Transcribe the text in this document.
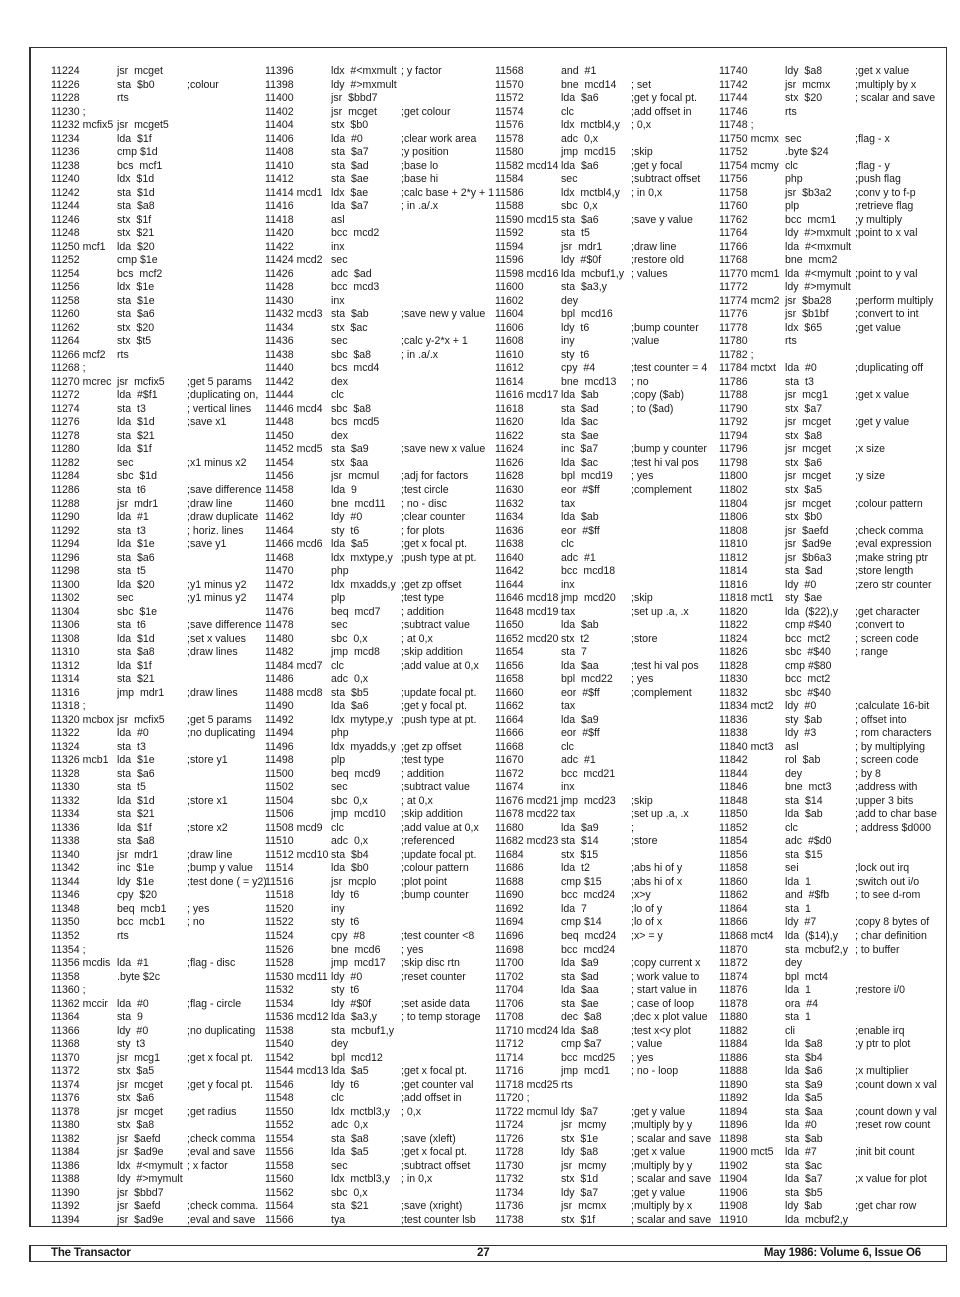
11224	jsr  mcget
11226	sta  $b0	;colour
11228	rts
11230 ;
11232 mcfix5 jsr  mcget5
11234	lda  $1f
11236	cmp $1d
11238	bcs  mcf1
11240	ldx  $1d
11242	sta  $1d
11244	sta  $a8
11246	stx  $1f
11248	stx  $21
11250 mcf1 lda  $20
11252	cmp $1e
11254	bcs  mcf2
11256	ldx  $1e
11258	sta  $1e
11260	sta  $a6
11262	stx  $20
11264	stx  $t5
11266 mcf2 rts
11268 ;
11270 mcrec jsr  mcfix5 ;get 5 params
11272	lda  #$f1	;duplicating on,
11274	sta  t3	; vertical lines
11276	lda  $1d	;save x1
11278	sta  $21
11280	lda  $1f
11282	sec	;x1 minus x2
11284	sbc  $1d
11286	sta  t6	;save difference
11288	jsr  mdr1	;draw line
11290	lda  #1	;draw duplicate
11292	sta  t3	; horiz. lines
11294	lda  $1e	;save y1
11296	sta  $a6
11298	sta  t5
11300	lda  $20	;y1 minus y2
11302	sec	;y1 minus y2
11304	sbc  $1e
11306	sta  t6	;save difference
11308	lda  $1d	;set x values
11310	sta  $a8	;draw lines
11312	lda  $1f
11314	sta  $21
11316	jmp  mdr1 ;draw lines
11318 ;
11320 mcbox jsr  mcfix5 ;get 5 params
11322	lda  #0	;no duplicating
11324	sta  t3
11326 mcb1 lda  $1e	;store y1
11328	sta  $a6
11330	sta  t5
11332	lda  $1d	;store x1
11334	sta  $21
11336	lda  $1f	;store x2
11338	sta  $a8
11340	jsr  mdr1	;draw line
11342	inc  $1e	;bump y value
11344	ldy  $1e	;test done ( = y2)
11346	cpy  $20
11348	beq  mcb1 ; yes
11350	bcc  mcb1 ; no
11352	rts
11354 ;
11356 mcdis lda  #1	;flag - disc
11358	.byte $2c
11360 ;
11362 mccir lda  #0	;flag - circle
11364	sta  9
11366	ldy  #0	;no duplicating
11368	sty  t3
11370	jsr  mcg1	;get x focal pt.
11372	stx  $a5
11374	jsr  mcget ;get y focal pt.
11376	stx  $a6
11378	jsr  mcget ;get radius
11380	stx  $a8
11382	jsr  $aefd ;check comma
11384	jsr  $ad9e ;eval and save
11386	ldx  #<mymult ; x factor
11388	ldy  #>mymult
11390	jsr  $bbd7
11392	jsr  $aefd ;check comma.
11394	jsr  $ad9e ;eval and save
11396	ldx  #<mxmult ; y factor
11398	ldy  #>mxmult
11400	jsr  $bbd7
11402	jsr  mcget ;get colour
11404	stx  $b0
11406	lda  #0	;clear work area
11408	sta  $a7	;y position
11410	sta  $ad	;base lo
11412	sta  $ae	;base hi
11414 mcd1 ldx  $ae	;calc base + 2*y + 1
11416	lda  $a7	; in .a/.x
11418	asl
11420	bcc  mcd2
11422	inx
11424 mcd2 sec
11426	adc  $ad
11428	bcc  mcd3
11430	inx
11432 mcd3 sta  $ab	;save new y value
11434	stx  $ac
11436	sec	;calc y-2*x + 1
11438	sbc  $a8	; in .a/.x
11440	bcs  mcd4
11442	dex
11444	clc
11446 mcd4 sbc  $a8
11448	bcs  mcd5
11450	dex
11452 mcd5 sta  $a9	;save new x value
11454	stx  $aa
11456	jsr  mcmul ;adj for factors
11458	lda  9	;test circle
11460	bne  mcd11 ; no - disc
11462	ldy  #0	;clear counter
11464	sty  t6	; for plots
11466 mcd6 lda  $a5	;get x focal pt.
11468	ldx  mxtype,y ;push type at pt.
11470	php
11472	ldx  mxadds,y ;get zp offset
11474	plp	;test type
11476	beq  mcd7 ; addition
11478	sec	;subtract value
11480	sbc  0,x	; at 0,x
11482	jmp  mcd8 ;skip addition
11484 mcd7 clc	;add value at 0,x
11486	adc  0,x
11488 mcd8 sta  $b5	;update focal pt.
11490	lda  $a6	;get y focal pt.
11492	ldx  mytype,y ;push type at pt.
11494	php
11496	ldx  myadds,y ;get zp offset
11498	plp	;test type
11500	beq  mcd9 ; addition
11502	sec	;subtract value
11504	sbc  0,x	; at 0,x
11506	jmp  mcd10 ;skip addition
11508 mcd9 clc	;add value at 0,x
11510	adc  0,x	;referenced
11512 mcd10 sta  $b4	;update focal pt.
11514	lda  $b0	;colour pattern
11516	jsr  mcplo ;plot point
11518	ldy  t6	;bump counter
11520	iny
11522	sty  t6
11524	cpy  #8	;test counter <8
11526	bne  mcd6 ; yes
11528	jmp  mcd17 ;skip disc rtn
11530 mcd11 ldy  #0	;reset counter
11532	sty  t6
11534	ldy  #$0f	;set aside data
11536 mcd12 lda  $a3,y ; to temp storage
11538	sta  mcbuf1,y
11540	dey
11542	bpl  mcd12
11544 mcd13 lda  $a5	;get x focal pt.
11546	ldy  t6	;get counter val
11548	clc	;add offset in
11550	ldx  mctbl3,y ; 0,x
11552	adc  0,x
11554	sta  $a8	;save (xleft)
11556	lda  $a5	;get x focal pt.
11558	sec	;subtract offset
11560	ldx  mctbl3,y ; in 0,x
11562	sbc  0,x
11564	sta  $21	;save (xright)
11566	tya	;test counter lsb
11568	and  #1
11570	bne  mcd14 ; set
11572	lda  $a6	;get y focal pt.
11574	clc	;add offset in
11576	ldx  mctbl4,y ; 0,x
11578	adc  0,x
11580	jmp  mcd15 ;skip
11582 mcd14 lda  $a6	;get y focal
11584	sec	;subtract offset
11586	ldx  mctbl4,y ; in 0,x
11588	sbc  0,x
11590 mcd15 sta  $a6	;save y value
11592	sta  t5
11594	jsr  mdr1	;draw line
11596	ldy  #$0f	;restore old
11598 mcd16 lda  mcbuf1,y ; values
11600	sta  $a3,y
11602	dey
11604	bpl  mcd16
11606	ldy  t6	;bump counter
11608	iny	;value
11610	sty  t6
11612	cpy  #4	;test counter = 4
11614	bne  mcd13 ; no
11616 mcd17 lda  $ab	;copy ($ab)
11618	sta  $ad	; to ($ad)
11620	lda  $ac
11622	sta  $ae
11624	inc  $a7	;bump y counter
11626	lda  $ac	;test hi val pos
11628	bpl  mcd19 ; yes
11630	eor  #$ff	;complement
11632	tax
11634	lda  $ab
11636	eor  #$ff
11638	clc
11640	adc  #1
11642	bcc  mcd18
11644	inx
11646 mcd18 jmp  mcd20 ;skip
11648 mcd19 tax	;set up .a, .x
11650	lda  $ab
11652 mcd20 stx  t2	;store
11654	sta  7
11656	lda  $aa	;test hi val pos
11658	bpl  mcd22 ; yes
11660	eor  #$ff	;complement
11662	tax
11664	lda  $a9
11666	eor  #$ff
11668	clc
11670	adc  #1
11672	bcc  mcd21
11674	inx
11676 mcd21 jmp  mcd23 ;skip
11678 mcd22 tax	;set up .a, .x
11680	lda  $a9	;
11682 mcd23 sta  $14	;store
11684	stx  $15
11686	lda  t2	;abs hi of y
11688	cmp $15	;abs hi of x
11690	bcc  mcd24 ;x>y
11692	lda  7	;lo of y
11694	cmp $14	;lo of x
11696	beq  mcd24 ;x> = y
11698	bcc  mcd24
11700	lda  $a9	;copy current x
11702	sta  $ad	; work value to
11704	lda  $aa	; start value in
11706	sta  $ae	; case of loop
11708	dec  $a8	;dec x plot value
11710 mcd24 lda  $a8	;test x<y plot
11712	cmp $a7	; value
11714	bcc  mcd25 ; yes
11716	jmp  mcd1 ; no - loop
11718 mcd25 rts
11720 ;
11722 mcmul ldy  $a7	;get y value
11724	jsr  mcmy ;multiply by y
11726	stx  $1e	; scalar and save
11728	ldy  $a8	;get x value
11730	jsr  mcmy ;multiply by y
11732	stx  $1d	; scalar and save
11734	ldy  $a7	;get y value
11736	jsr  mcmx ;multiply by x
11738	stx  $1f	; scalar and save
11740	ldy  $a8	;get x value
11742	jsr  mcmx ;multiply by x
11744	stx  $20	; scalar and save
11746	rts
11748 ;
11750 mcmx sec	;flag - x
11752	.byte $24
11754 mcmy clc	;flag - y
11756	php	;push flag
11758	jsr  $b3a2 ;conv y to f-p
11760	plp	;retrieve flag
11762	bcc  mcm1 ;y multiply
11764	ldy  #>mxmult ;point to x val
11766	lda  #<mxmult
11768	bne  mcm2
11770 mcm1 lda  #<mymult ;point to y val
11772	ldy  #>mymult
11774 mcm2 jsr  $ba28 ;perform multiply
11776	jsr  $b1bf ;convert to int
11778	ldx  $65	;get value
11780	rts
11782 ;
11784 mctxt lda  #0	;duplicating off
11786	sta  t3
11788	jsr  mcg1	;get x value
11790	stx  $a7
11792	jsr  mcget ;get y value
11794	stx  $a8
11796	jsr  mcget ;x size
11798	stx  $a6
11800	jsr  mcget ;y size
11802	stx  $a5
11804	jsr  mcget ;colour pattern
11806	stx  $b0
11808	jsr  $aefd ;check comma
11810	jsr  $ad9e ;eval expression
11812	jsr  $b6a3 ;make string ptr
11814	sta  $ad	;store length
11816	ldy  #0	;zero str counter
11818 mct1 sty  $ae
11820	lda  ($22),y ;get character
11822	cmp #$40 ;convert to
11824	bcc  mct2 ; screen code
11826	sbc  #$40 ; range
11828	cmp #$80
11830	bcc  mct2
11832	sbc  #$40
11834 mct2 ldy  #0	;calculate 16-bit
11836	sty  $ab	; offset into
11838	ldy  #3	; rom characters
11840 mct3 asl	; by multiplying
11842	rol  $ab	; screen code
11844	dey	; by 8
11846	bne  mct3 ;address with
11848	sta  $14	;upper 3 bits
11850	lda  $ab	;add to char base
11852	clc	; address $d000
11854	adc  #$d0
11856	sta  $15
11858	sei	;lock out irq
11860	lda  1	;switch out i/o
11862	and  #$fb ; to see d-rom
11864	sta  1
11866	ldy  #7	;copy 8 bytes of
11868 mct4 lda  ($14),y ; char definition
11870	sta  mcbuf2,y ; to buffer
11872	dey
11874	bpl  mct4
11876	lda  1	;restore i/0
11878	ora  #4
11880	sta  1
11882	cli	;enable irq
11884	lda  $a8	;y ptr to plot
11886	sta  $b4
11888	lda  $a6	;x multiplier
11890	sta  $a9	;count down x val
11892	lda  $a5
11894	sta  $aa	;count down y val
11896	lda  #0	;reset row count
11898	sta  $ab
11900 mct5 lda  #7	;init bit count
11902	sta  $ac
11904	lda  $a7	;x value for plot
11906	sta  $b5
11908	ldy  $ab	;get char row
11910	lda  mcbuf2,y
The Transactor	27	May 1986: Volume 6, Issue O6
